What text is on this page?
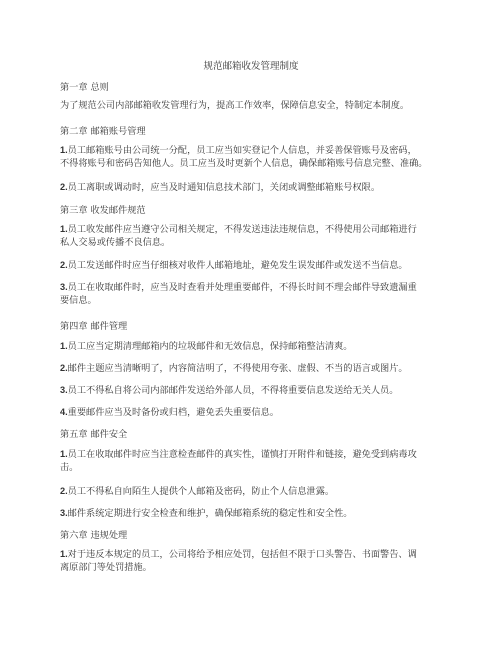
规范邮箱收发管理制度
第一章 总则
为了规范公司内部邮箱收发管理行为，提高工作效率，保障信息安全，特制定本制度。
第二章 邮箱账号管理
1.员工邮箱账号由公司统一分配，员工应当如实登记个人信息，并妥善保管账号及密码，
不得将账号和密码告知他人。员工应当及时更新个人信息，确保邮箱账号信息完整、准确。
2.员工离职或调动时，应当及时通知信息技术部门，关闭或调整邮箱账号权限。
第三章 收发邮件规范
1.员工收发邮件应当遵守公司相关规定，不得发送违法违规信息，不得使用公司邮箱进行
私人交易或传播不良信息。
2.员工发送邮件时应当仔细核对收件人邮箱地址，避免发生误发邮件或发送不当信息。
3.员工在收取邮件时，应当及时查看并处理重要邮件，不得长时间不理会邮件导致遗漏重
要信息。
第四章 邮件管理
1.员工应当定期清理邮箱内的垃圾邮件和无效信息，保持邮箱整洁清爽。
2.邮件主题应当清晰明了，内容简洁明了，不得使用夸张、虚假、不当的语言或图片。
3.员工不得私自将公司内部邮件发送给外部人员，不得将重要信息发送给无关人员。
4.重要邮件应当及时备份或归档，避免丢失重要信息。
第五章 邮件安全
1.员工在收取邮件时应当注意检查邮件的真实性，谨慎打开附件和链接，避免受到病毒攻
击。
2.员工不得私自向陌生人提供个人邮箱及密码，防止个人信息泄露。
3.邮件系统定期进行安全检查和维护，确保邮箱系统的稳定性和安全性。
第六章 违规处理
1.对于违反本规定的员工，公司将给予相应处罚，包括但不限于口头警告、书面警告、调
离原部门等处罚措施。
